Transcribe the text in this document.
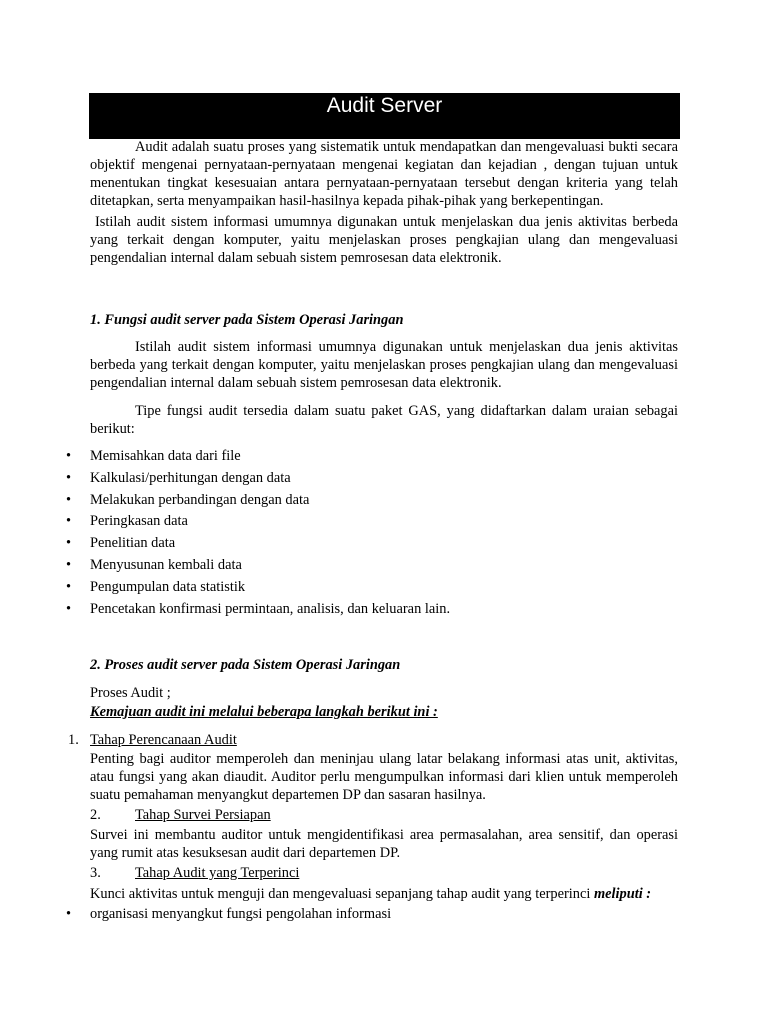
Audit Server

Audit adalah suatu proses yang sistematik untuk mendapatkan dan mengevaluasi bukti secara objektif mengenai pernyataan-pernyataan mengenai kegiatan dan kejadian , dengan tujuan untuk menentukan tingkat kesesuaian antara pernyataan-pernyataan tersebut dengan kriteria yang telah ditetapkan, serta menyampaikan hasil-hasilnya kepada pihak-pihak yang berkepentingan.

Istilah audit sistem informasi umumnya digunakan untuk menjelaskan dua jenis aktivitas berbeda yang terkait dengan komputer, yaitu menjelaskan proses pengkajian ulang dan mengevaluasi pengendalian internal dalam sebuah sistem pemrosesan data elektronik.

1. Fungsi audit server pada Sistem Operasi Jaringan

Istilah audit sistem informasi umumnya digunakan untuk menjelaskan dua jenis aktivitas berbeda yang terkait dengan komputer, yaitu menjelaskan proses pengkajian ulang dan mengevaluasi pengendalian internal dalam sebuah sistem pemrosesan data elektronik.

Tipe fungsi audit tersedia dalam suatu paket GAS, yang didaftarkan dalam uraian sebagai berikut:

• Memisahkan data dari file
• Kalkulasi/perhitungan dengan data
• Melakukan perbandingan dengan data
• Peringkasan data
• Penelitian data
• Menyusunan kembali data
• Pengumpulan data statistik
• Pencetakan konfirmasi permintaan, analisis, dan keluaran lain.
2. Proses audit server pada Sistem Operasi Jaringan
Proses Audit ;
Kemajuan audit ini melalui beberapa langkah berikut ini :
1. Tahap Perencanaan Audit

Penting bagi auditor memperoleh dan meninjau ulang latar belakang informasi atas unit, aktivitas, atau fungsi yang akan diaudit. Auditor perlu mengumpulkan informasi dari klien untuk memperoleh suatu pemahaman menyangkut departemen DP dan sasaran hasilnya.

2. Tahap Survei Persiapan

Survei ini membantu auditor untuk mengidentifikasi area permasalahan, area sensitif, dan operasi yang rumit atas kesuksesan audit dari departemen DP.

3. Tahap Audit yang Terperinci
Kunci aktivitas untuk menguji dan mengevaluasi sepanjang tahap audit yang terperinci meliputi :
• organisasi menyangkut fungsi pengolahan informasi
